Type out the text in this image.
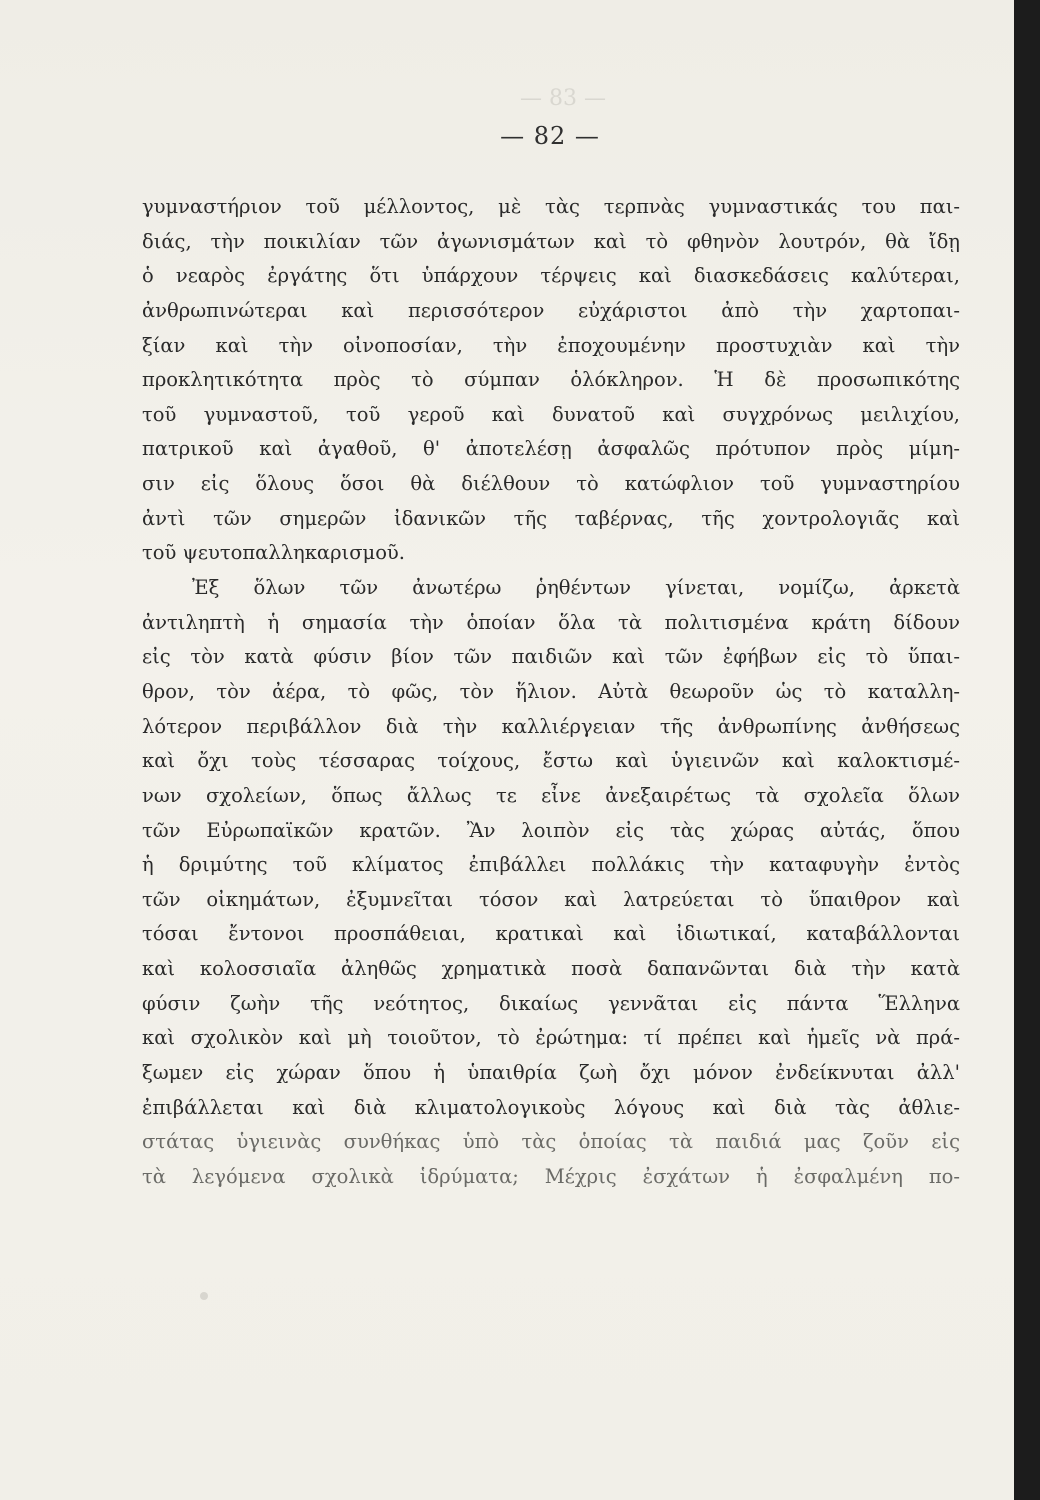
— 83 —
— 82 —
γυμναστήριον τοῦ μέλλοντος, μὲ τὰς τερπνὰς γυμναστικάς του παι-
διάς, τὴν ποικιλίαν τῶν ἀγωνισμάτων καὶ τὸ φθηνὸν λουτρόν, θὰ ἴδῃ
ὁ νεαρὸς ἐργάτης ὅτι ὑπάρχουν τέρψεις καὶ διασκεδάσεις καλύτεραι,
ἀνθρωπινώτεραι καὶ περισσότερον εὐχάριστοι ἀπὸ τὴν χαρτοπαι-
ξίαν καὶ τὴν οἰνοποσίαν, τὴν ἐποχουμένην προστυχιὰν καὶ τὴν
προκλητικότητα πρὸς τὸ σύμπαν ὁλόκληρον. Ἡ δὲ προσωπικότης
τοῦ γυμναστοῦ, τοῦ γεροῦ καὶ δυνατοῦ καὶ συγχρόνως μειλιχίου,
πατρικοῦ καὶ ἀγαθοῦ, θ' ἀποτελέσῃ ἀσφαλῶς πρότυπον πρὸς μίμη-
σιν εἰς ὅλους ὅσοι θὰ διέλθουν τὸ κατώφλιον τοῦ γυμναστηρίου
ἀντὶ τῶν σημερῶν ἰδανικῶν τῆς ταβέρνας, τῆς χοντρολογιᾶς καὶ
τοῦ ψευτοπαλληκαρισμοῦ.
Ἐξ ὅλων τῶν ἀνωτέρω ῥηθέντων γίνεται, νομίζω, ἀρκετὰ
ἀντιληπτὴ ἡ σημασία τὴν ὁποίαν ὅλα τὰ πολιτισμένα κράτη δίδουν
εἰς τὸν κατὰ φύσιν βίον τῶν παιδιῶν καὶ τῶν ἐφήβων εἰς τὸ ὕπαι-
θρον, τὸν ἀέρα, τὸ φῶς, τὸν ἥλιον. Αὐτὰ θεωροῦν ὡς τὸ καταλλη-
λότερον περιβάλλον διὰ τὴν καλλιέργειαν τῆς ἀνθρωπίνης ἀνθήσεως
καὶ ὄχι τοὺς τέσσαρας τοίχους, ἔστω καὶ ὑγιεινῶν καὶ καλοκτισμέ-
νων σχολείων, ὅπως ἄλλως τε εἶνε ἀνεξαιρέτως τὰ σχολεῖα ὅλων
τῶν Εὐρωπαϊκῶν κρατῶν. Ἂν λοιπὸν εἰς τὰς χώρας αὐτάς, ὅπου
ἡ δριμύτης τοῦ κλίματος ἐπιβάλλει πολλάκις τὴν καταφυγὴν ἐντὸς
τῶν οἰκημάτων, ἐξυμνεῖται τόσον καὶ λατρεύεται τὸ ὕπαιθρον καὶ
τόσαι ἔντονοι προσπάθειαι, κρατικαὶ καὶ ἰδιωτικαί, καταβάλλονται
καὶ κολοσσιαῖα ἀληθῶς χρηματικὰ ποσὰ δαπανῶνται διὰ τὴν κατὰ
φύσιν ζωὴν τῆς νεότητος, δικαίως γεννᾶται εἰς πάντα Ἕλληνα
καὶ σχολικὸν καὶ μὴ τοιοῦτον, τὸ ἐρώτημα: τί πρέπει καὶ ἡμεῖς νὰ πρά-
ξωμεν εἰς χώραν ὅπου ἡ ὑπαιθρία ζωὴ ὄχι μόνον ἐνδείκνυται ἀλλ'
ἐπιβάλλεται καὶ διὰ κλιματολογικοὺς λόγους καὶ διὰ τὰς ἀθλιε-
στάτας ὑγιεινὰς συνθήκας ὑπὸ τὰς ὁποίας τὰ παιδιά μας ζοῦν εἰς
τὰ λεγόμενα σχολικὰ ἱδρύματα; Μέχρις ἐσχάτων ἡ ἐσφαλμένη πο-
